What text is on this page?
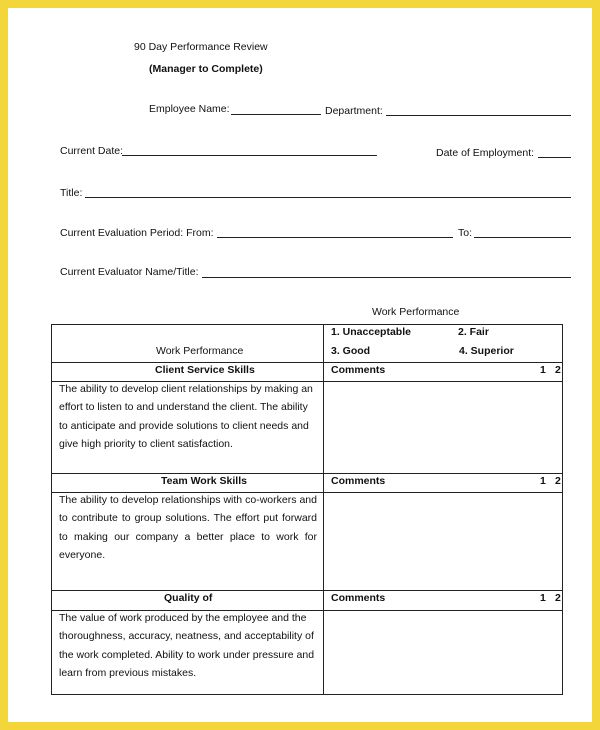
90 Day Performance Review
(Manager to Complete)
Employee Name:	Department:
Current Date:	Date of Employment:
Title:
Current Evaluation Period: From:	To:
Current Evaluator Name/Title:
Work Performance
Work Performance
1. Unacceptable	2. Fair
3. Good	4. Superior
Client Service Skills	Comments	1 2
The ability to develop client relationships by making an effort to listen to and understand the client. The ability to anticipate and provide solutions to client needs and give high priority to client satisfaction.
Team Work Skills	Comments	1 2
The ability to develop relationships with co-workers and to contribute to group solutions. The effort put forward to making our company a better place to work for everyone.
Quality of	Comments	1 2
The value of work produced by the employee and the thoroughness, accuracy, neatness, and acceptability of the work completed. Ability to work under pressure and learn from previous mistakes.
